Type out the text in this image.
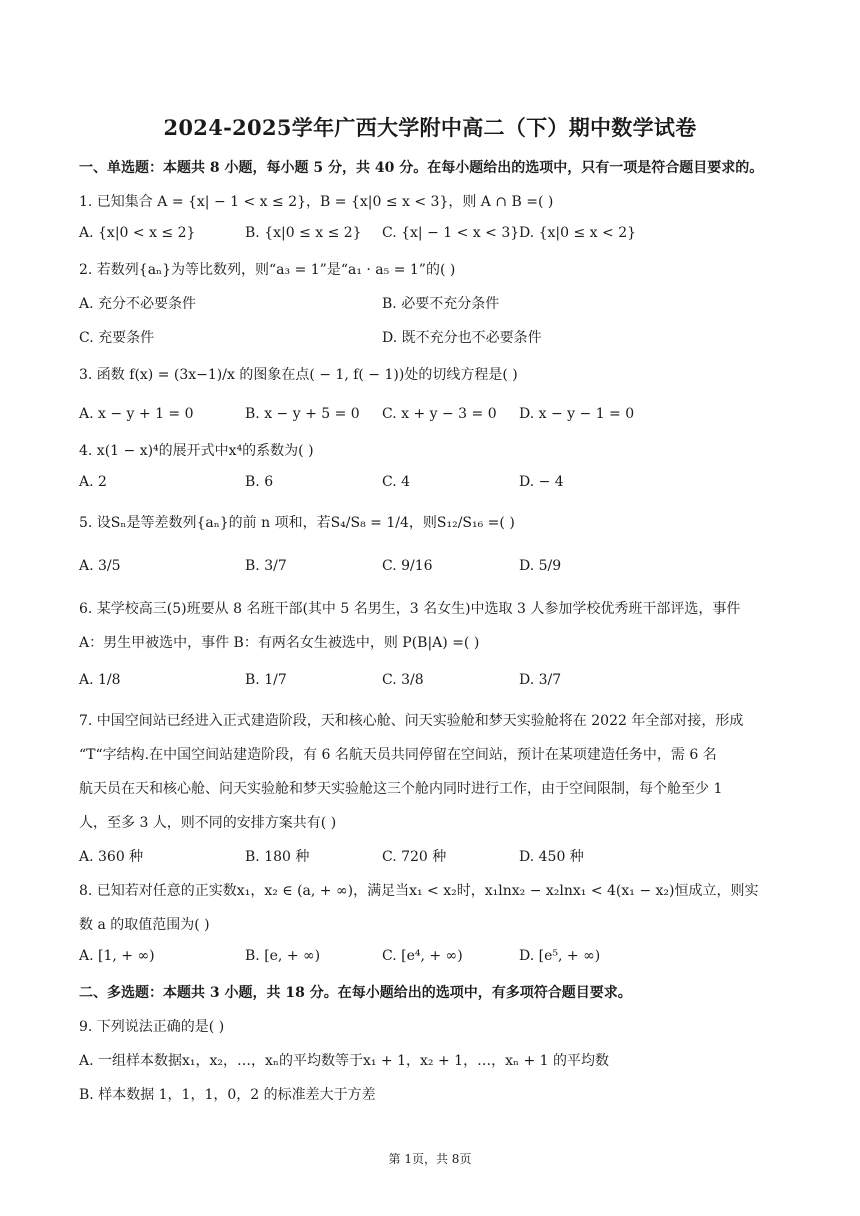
2024-2025学年广西大学附中高二（下）期中数学试卷
一、单选题：本题共 8 小题，每小题 5 分，共 40 分。在每小题给出的选项中，只有一项是符合题目要求的。
1. 已知集合 A = {x| − 1 < x ≤ 2}，B = {x|0 ≤ x < 3}，则 A ∩ B =( )
A. {x|0 < x ≤ 2}	B. {x|0 ≤ x ≤ 2} C. {x| − 1 < x < 3} D. {x|0 ≤ x < 2}
2. 若数列{aₙ}为等比数列，则“a₃ = 1”是“a₁ · a₅ = 1”的( )
A. 充分不必要条件	B. 必要不充分条件
C. 充要条件	D. 既不充分也不必要条件
3. 函数 f(x) = (3x−1)/x 的图象在点( − 1, f( − 1))处的切线方程是( )
A. x − y + 1 = 0	B. x − y + 5 = 0 C. x + y − 3 = 0 D. x − y − 1 = 0
4. x(1 − x)⁴的展开式中x⁴的系数为( )
A. 2	B. 6	C. 4	D. − 4
5. 设Sₙ是等差数列{aₙ}的前 n 项和，若S₄/S₈ = 1/4，则S₁₂/S₁₆ =( )
A. 3/5	B. 3/7	C. 9/16	D. 5/9
6. 某学校高三(5)班要从 8 名班干部(其中 5 名男生，3 名女生)中选取 3 人参加学校优秀班干部评选，事件
A：男生甲被选中，事件 B：有两名女生被选中，则 P(B|A) =( )
A. 1/8	B. 1/7	C. 3/8	D. 3/7
7. 中国空间站已经进入正式建造阶段，天和核心舱、问天实验舱和梦天实验舱将在 2022 年全部对接，形成
“T“字结构.在中国空间站建造阶段，有 6 名航天员共同停留在空间站，预计在某项建造任务中，需 6 名
航天员在天和核心舱、问天实验舱和梦天实验舱这三个舱内同时进行工作，由于空间限制，每个舱至少 1
人，至多 3 人，则不同的安排方案共有( )
A. 360 种	B. 180 种	C. 720 种	D. 450 种
8. 已知若对任意的正实数x₁，x₂ ∈ (a, + ∞)，满足当x₁ < x₂时，x₁lnx₂ − x₂lnx₁ < 4(x₁ − x₂)恒成立，则实
数 a 的取值范围为( )
A. [1, + ∞)	B. [e, + ∞)	C. [e⁴, + ∞)	D. [e⁵, + ∞)
二、多选题：本题共 3 小题，共 18 分。在每小题给出的选项中，有多项符合题目要求。
9. 下列说法正确的是( )
A. 一组样本数据x₁，x₂，…，xₙ的平均数等于x₁ + 1，x₂ + 1，…，xₙ + 1 的平均数
B. 样本数据 1，1，1，0，2 的标准差大于方差
第 1页，共 8页
